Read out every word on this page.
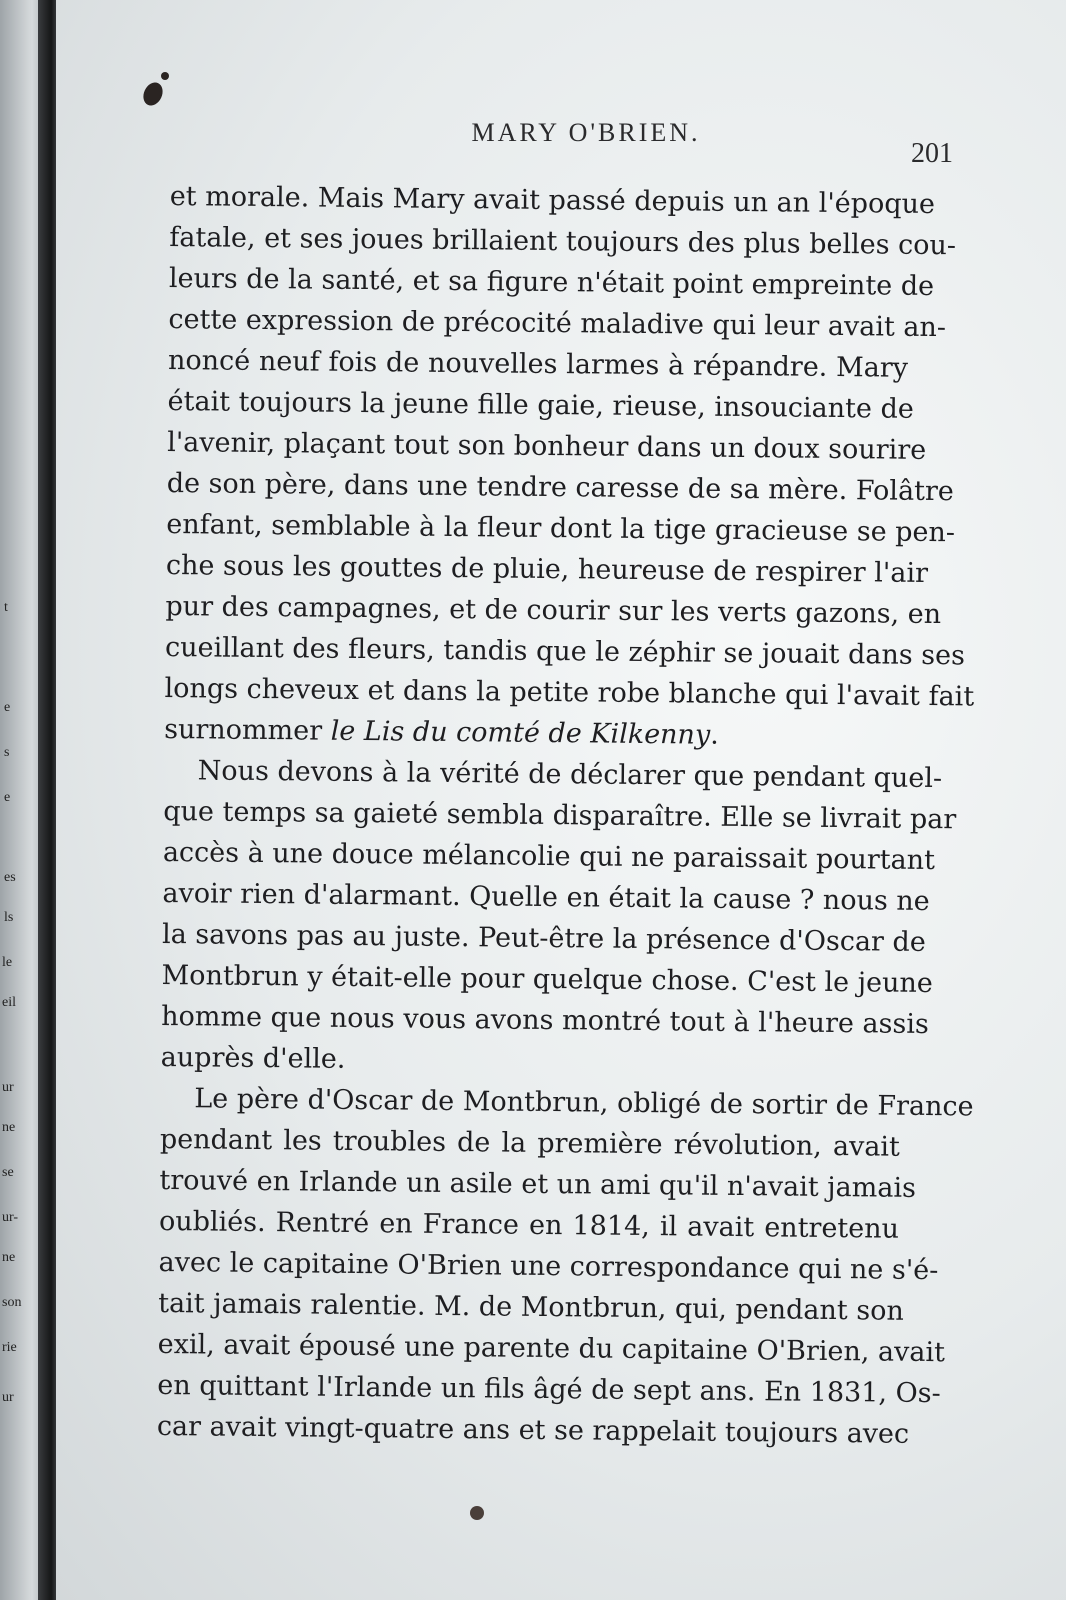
t
e
s
e
es
ls
le
eil
ur
ne
se
ur-
ne
son
rie
ur
MARY O'BRIEN.
201
et morale. Mais Mary avait passé depuis un an l'époque
fatale, et ses joues brillaient toujours des plus belles cou-
leurs de la santé, et sa figure n'était point empreinte de
cette expression de précocité maladive qui leur avait an-
noncé neuf fois de nouvelles larmes à répandre. Mary
était toujours la jeune fille gaie, rieuse, insouciante de
l'avenir, plaçant tout son bonheur dans un doux sourire
de son père, dans une tendre caresse de sa mère. Folâtre
enfant, semblable à la fleur dont la tige gracieuse se pen-
che sous les gouttes de pluie, heureuse de respirer l'air
pur des campagnes, et de courir sur les verts gazons, en
cueillant des fleurs, tandis que le zéphir se jouait dans ses
longs cheveux et dans la petite robe blanche qui l'avait fait
surnommer le Lis du comté de Kilkenny.
Nous devons à la vérité de déclarer que pendant quel-
que temps sa gaieté sembla disparaître. Elle se livrait par
accès à une douce mélancolie qui ne paraissait pourtant
avoir rien d'alarmant. Quelle en était la cause ? nous ne
la savons pas au juste. Peut-être la présence d'Oscar de
Montbrun y était-elle pour quelque chose. C'est le jeune
homme que nous vous avons montré tout à l'heure assis
auprès d'elle.
Le père d'Oscar de Montbrun, obligé de sortir de France
pendant les troubles de la première révolution, avait
trouvé en Irlande un asile et un ami qu'il n'avait jamais
oubliés. Rentré en France en 1814, il avait entretenu
avec le capitaine O'Brien une correspondance qui ne s'é-
tait jamais ralentie. M. de Montbrun, qui, pendant son
exil, avait épousé une parente du capitaine O'Brien, avait
en quittant l'Irlande un fils âgé de sept ans. En 1831, Os-
car avait vingt-quatre ans et se rappelait toujours avec
